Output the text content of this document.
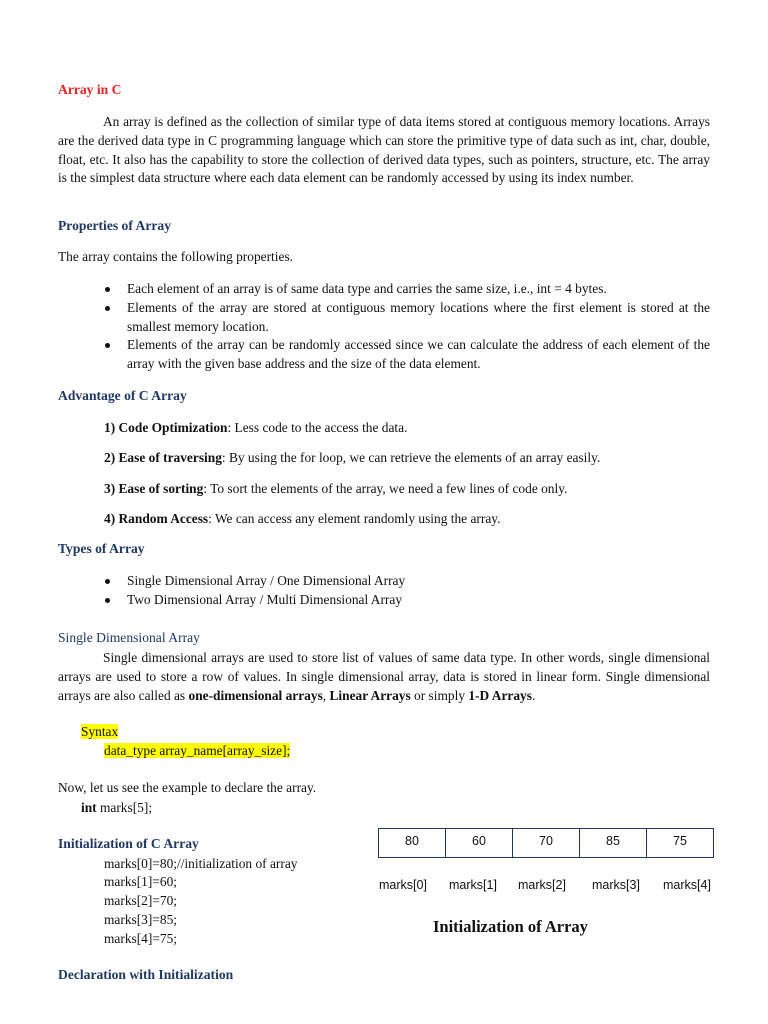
Array in C
An array is defined as the collection of similar type of data items stored at contiguous memory locations. Arrays are the derived data type in C programming language which can store the primitive type of data such as int, char, double, float, etc. It also has the capability to store the collection of derived data types, such as pointers, structure, etc. The array is the simplest data structure where each data element can be randomly accessed by using its index number.
Properties of Array
The array contains the following properties.
Each element of an array is of same data type and carries the same size, i.e., int = 4 bytes.
Elements of the array are stored at contiguous memory locations where the first element is stored at the smallest memory location.
Elements of the array can be randomly accessed since we can calculate the address of each element of the array with the given base address and the size of the data element.
Advantage of C Array
1) Code Optimization: Less code to the access the data.
2) Ease of traversing: By using the for loop, we can retrieve the elements of an array easily.
3) Ease of sorting: To sort the elements of the array, we need a few lines of code only.
4) Random Access: We can access any element randomly using the array.
Types of Array
Single Dimensional Array / One Dimensional Array
Two Dimensional Array / Multi Dimensional Array
Single Dimensional Array
Single dimensional arrays are used to store list of values of same data type. In other words, single dimensional arrays are used to store a row of values. In single dimensional array, data is stored in linear form. Single dimensional arrays are also called as one-dimensional arrays, Linear Arrays or simply 1-D Arrays.
Syntax
data_type array_name[array_size];
Now, let us see the example to declare the array.
int marks[5];
Initialization of C Array
marks[0]=80;//initialization of array
marks[1]=60;
marks[2]=70;
marks[3]=85;
marks[4]=75;
80	60	70	85	75
marks[0] marks[1] marks[2] marks[3] marks[4]
Initialization of Array
Declaration with Initialization
